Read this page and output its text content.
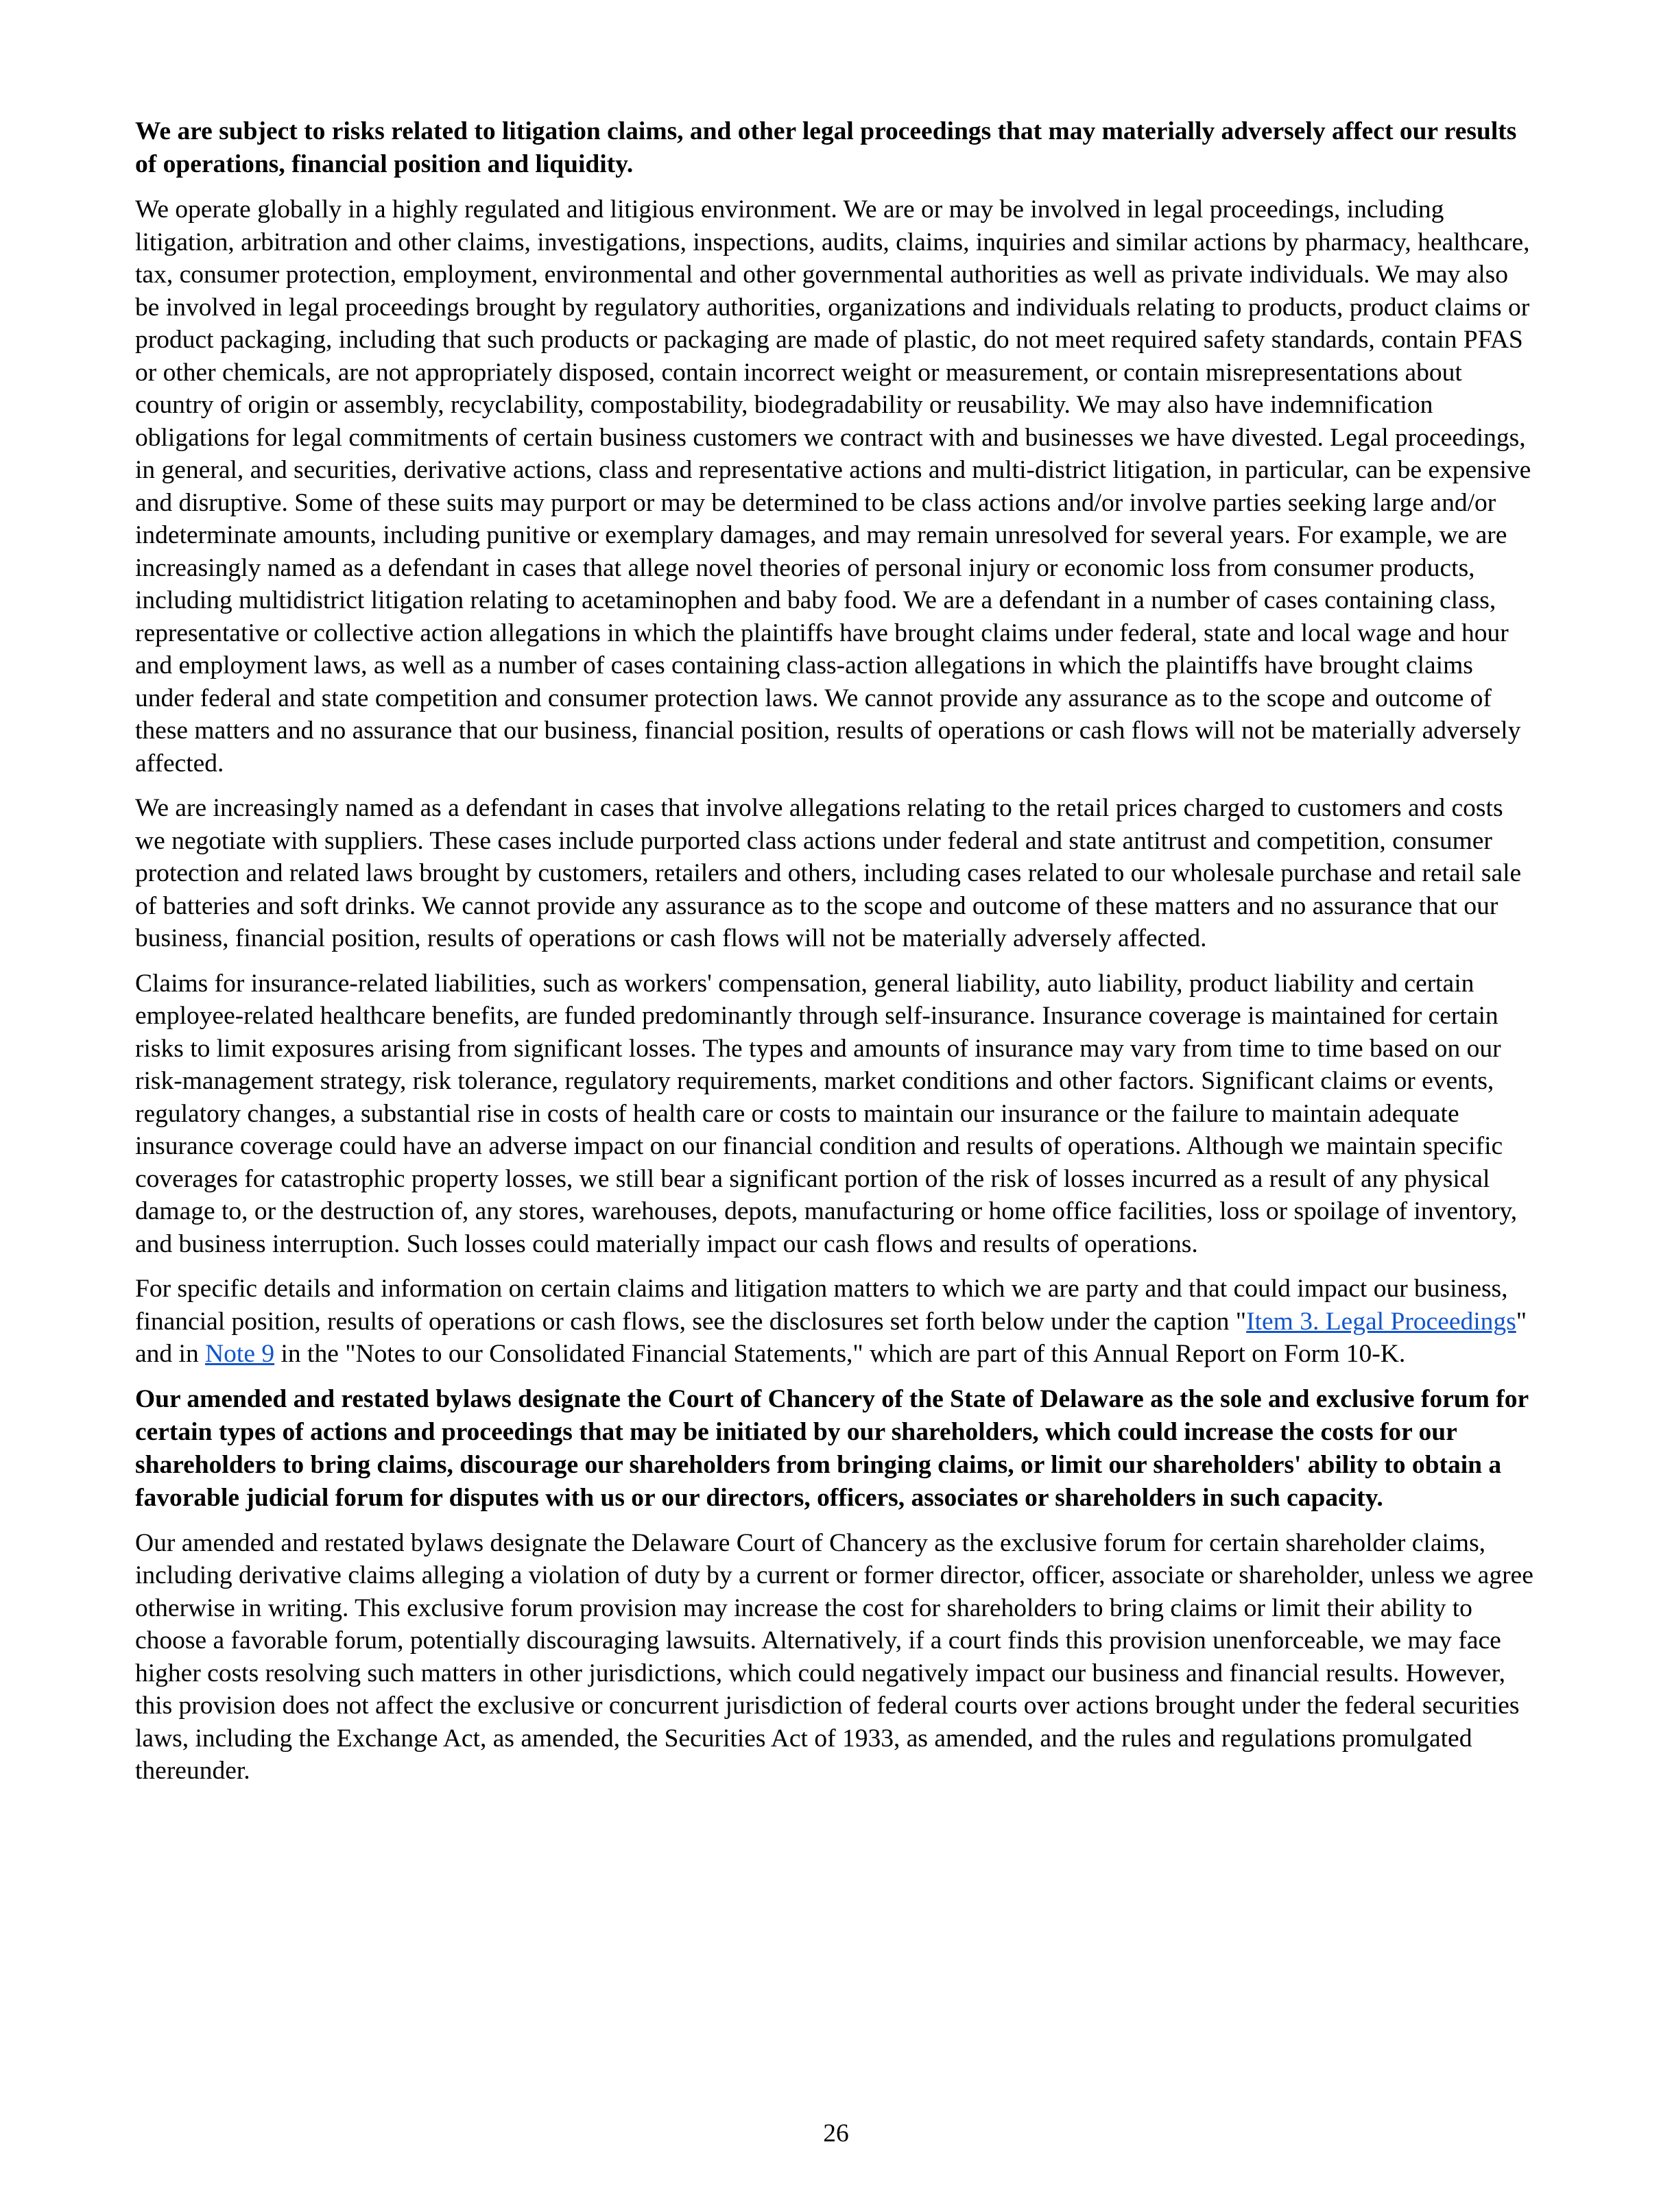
We are subject to risks related to litigation claims, and other legal proceedings that may materially adversely affect our results of operations, financial position and liquidity.

We operate globally in a highly regulated and litigious environment. We are or may be involved in legal proceedings, including litigation, arbitration and other claims, investigations, inspections, audits, claims, inquiries and similar actions by pharmacy, healthcare, tax, consumer protection, employment, environmental and other governmental authorities as well as private individuals. We may also be involved in legal proceedings brought by regulatory authorities, organizations and individuals relating to products, product claims or product packaging, including that such products or packaging are made of plastic, do not meet required safety standards, contain PFAS or other chemicals, are not appropriately disposed, contain incorrect weight or measurement, or contain misrepresentations about country of origin or assembly, recyclability, compostability, biodegradability or reusability. We may also have indemnification obligations for legal commitments of certain business customers we contract with and businesses we have divested. Legal proceedings, in general, and securities, derivative actions, class and representative actions and multi-district litigation, in particular, can be expensive and disruptive. Some of these suits may purport or may be determined to be class actions and/or involve parties seeking large and/or indeterminate amounts, including punitive or exemplary damages, and may remain unresolved for several years. For example, we are increasingly named as a defendant in cases that allege novel theories of personal injury or economic loss from consumer products, including multidistrict litigation relating to acetaminophen and baby food. We are a defendant in a number of cases containing class, representative or collective action allegations in which the plaintiffs have brought claims under federal, state and local wage and hour and employment laws, as well as a number of cases containing class-action allegations in which the plaintiffs have brought claims under federal and state competition and consumer protection laws. We cannot provide any assurance as to the scope and outcome of these matters and no assurance that our business, financial position, results of operations or cash flows will not be materially adversely affected.

We are increasingly named as a defendant in cases that involve allegations relating to the retail prices charged to customers and costs we negotiate with suppliers. These cases include purported class actions under federal and state antitrust and competition, consumer protection and related laws brought by customers, retailers and others, including cases related to our wholesale purchase and retail sale of batteries and soft drinks. We cannot provide any assurance as to the scope and outcome of these matters and no assurance that our business, financial position, results of operations or cash flows will not be materially adversely affected.

Claims for insurance-related liabilities, such as workers' compensation, general liability, auto liability, product liability and certain employee-related healthcare benefits, are funded predominantly through self-insurance. Insurance coverage is maintained for certain risks to limit exposures arising from significant losses. The types and amounts of insurance may vary from time to time based on our risk-management strategy, risk tolerance, regulatory requirements, market conditions and other factors. Significant claims or events, regulatory changes, a substantial rise in costs of health care or costs to maintain our insurance or the failure to maintain adequate insurance coverage could have an adverse impact on our financial condition and results of operations. Although we maintain specific coverages for catastrophic property losses, we still bear a significant portion of the risk of losses incurred as a result of any physical damage to, or the destruction of, any stores, warehouses, depots, manufacturing or home office facilities, loss or spoilage of inventory, and business interruption. Such losses could materially impact our cash flows and results of operations.

For specific details and information on certain claims and litigation matters to which we are party and that could impact our business, financial position, results of operations or cash flows, see the disclosures set forth below under the caption "Item 3. Legal Proceedings" and in Note 9 in the "Notes to our Consolidated Financial Statements," which are part of this Annual Report on Form 10-K.

Our amended and restated bylaws designate the Court of Chancery of the State of Delaware as the sole and exclusive forum for certain types of actions and proceedings that may be initiated by our shareholders, which could increase the costs for our shareholders to bring claims, discourage our shareholders from bringing claims, or limit our shareholders' ability to obtain a favorable judicial forum for disputes with us or our directors, officers, associates or shareholders in such capacity.

Our amended and restated bylaws designate the Delaware Court of Chancery as the exclusive forum for certain shareholder claims, including derivative claims alleging a violation of duty by a current or former director, officer, associate or shareholder, unless we agree otherwise in writing. This exclusive forum provision may increase the cost for shareholders to bring claims or limit their ability to choose a favorable forum, potentially discouraging lawsuits. Alternatively, if a court finds this provision unenforceable, we may face higher costs resolving such matters in other jurisdictions, which could negatively impact our business and financial results. However, this provision does not affect the exclusive or concurrent jurisdiction of federal courts over actions brought under the federal securities laws, including the Exchange Act, as amended, the Securities Act of 1933, as amended, and the rules and regulations promulgated thereunder.

26
